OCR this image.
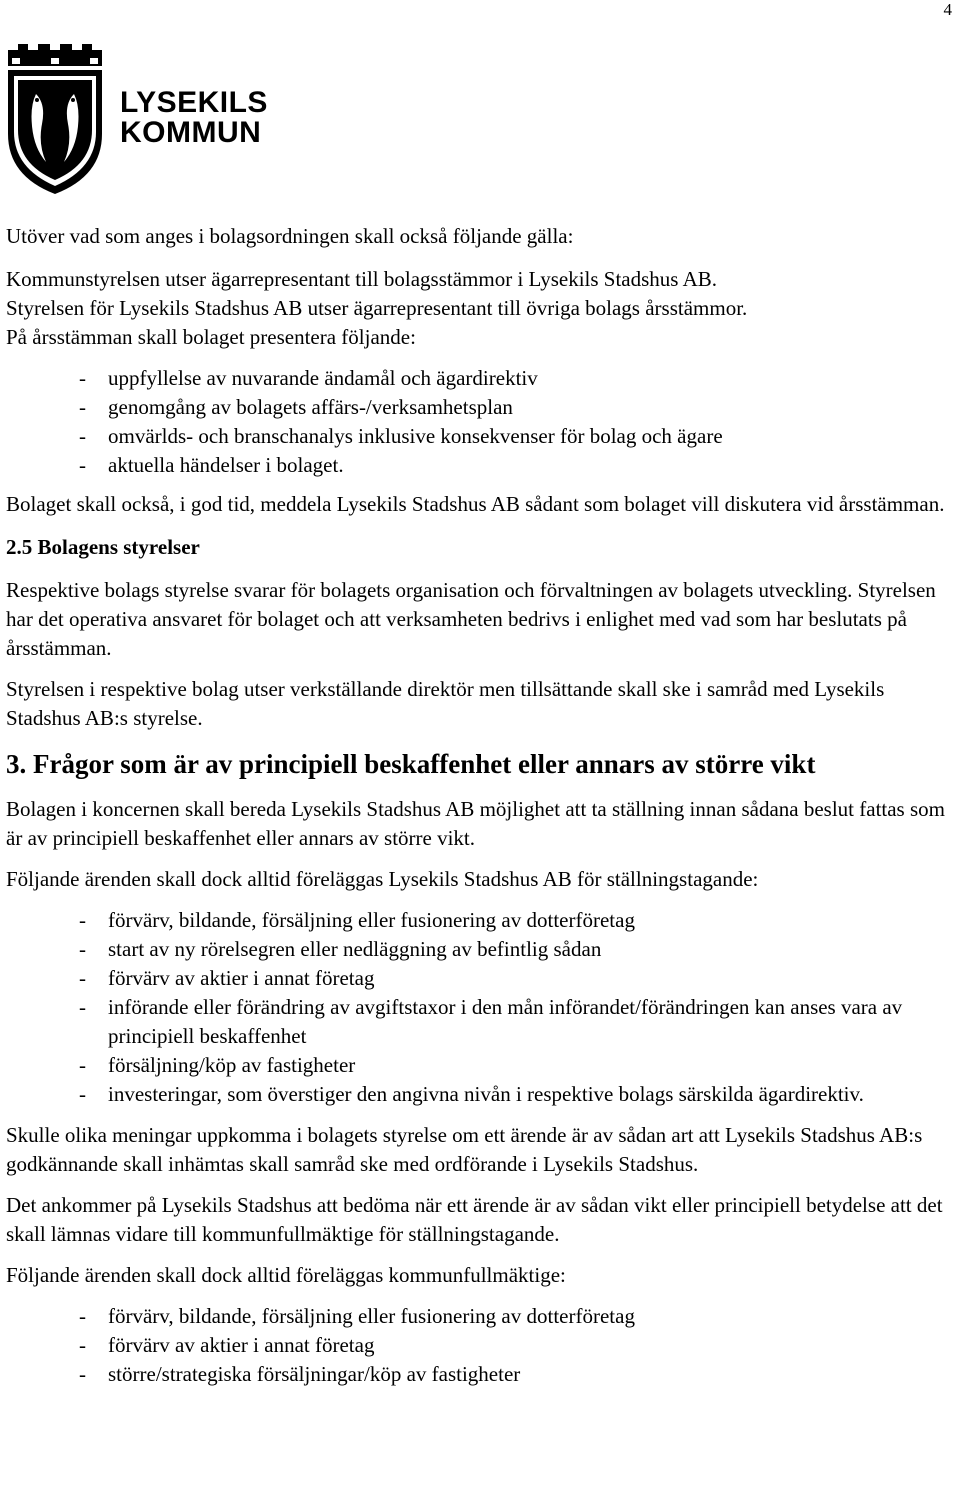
4
LYSEKILS
KOMMUN

Utöver vad som anges i bolagsordningen skall också följande gälla:

Kommunstyrelsen utser ägarrepresentant till bolagsstämmor i Lysekils Stadshus AB.
Styrelsen för Lysekils Stadshus AB utser ägarrepresentant till övriga bolags årsstämmor.

På årsstämman skall bolaget presentera följande:

- uppfyllelse av nuvarande ändamål och ägardirektiv
- genomgång av bolagets affärs-/verksamhetsplan
- omvärlds- och branschanalys inklusive konsekvenser för bolag och ägare
- aktuella händelser i bolaget.

Bolaget skall också, i god tid, meddela Lysekils Stadshus AB sådant som bolaget vill diskutera vid årsstämman.

2.5 Bolagens styrelser

Respektive bolags styrelse svarar för bolagets organisation och förvaltningen av bolagets utveckling. Styrelsen har det operativa ansvaret för bolaget och att verksamheten bedrivs i enlighet med vad som har beslutats på årsstämman.

Styrelsen i respektive bolag utser verkställande direktör men tillsättande skall ske i samråd med Lysekils Stadshus AB:s styrelse.

3. Frågor som är av principiell beskaffenhet eller annars av större vikt

Bolagen i koncernen skall bereda Lysekils Stadshus AB möjlighet att ta ställning innan sådana beslut fattas som är av principiell beskaffenhet eller annars av större vikt.

Följande ärenden skall dock alltid föreläggas Lysekils Stadshus AB för ställningstagande:

- förvärv, bildande, försäljning eller fusionering av dotterföretag
- start av ny rörelsegren eller nedläggning av befintlig sådan
- förvärv av aktier i annat företag
- införande eller förändring av avgiftstaxor i den mån införandet/förändringen kan anses vara av principiell beskaffenhet
- försäljning/köp av fastigheter
- investeringar, som överstiger den angivna nivån i respektive bolags särskilda ägardirektiv.

Skulle olika meningar uppkomma i bolagets styrelse om ett ärende är av sådan art att Lysekils Stadshus AB:s godkännande skall inhämtas skall samråd ske med ordförande i Lysekils Stadshus.

Det ankommer på Lysekils Stadshus att bedöma när ett ärende är av sådan vikt eller principiell betydelse att det skall lämnas vidare till kommunfullmäktige för ställningstagande.

Följande ärenden skall dock alltid föreläggas kommunfullmäktige:

- förvärv, bildande, försäljning eller fusionering av dotterföretag
- förvärv av aktier i annat företag
- större/strategiska försäljningar/köp av fastigheter
